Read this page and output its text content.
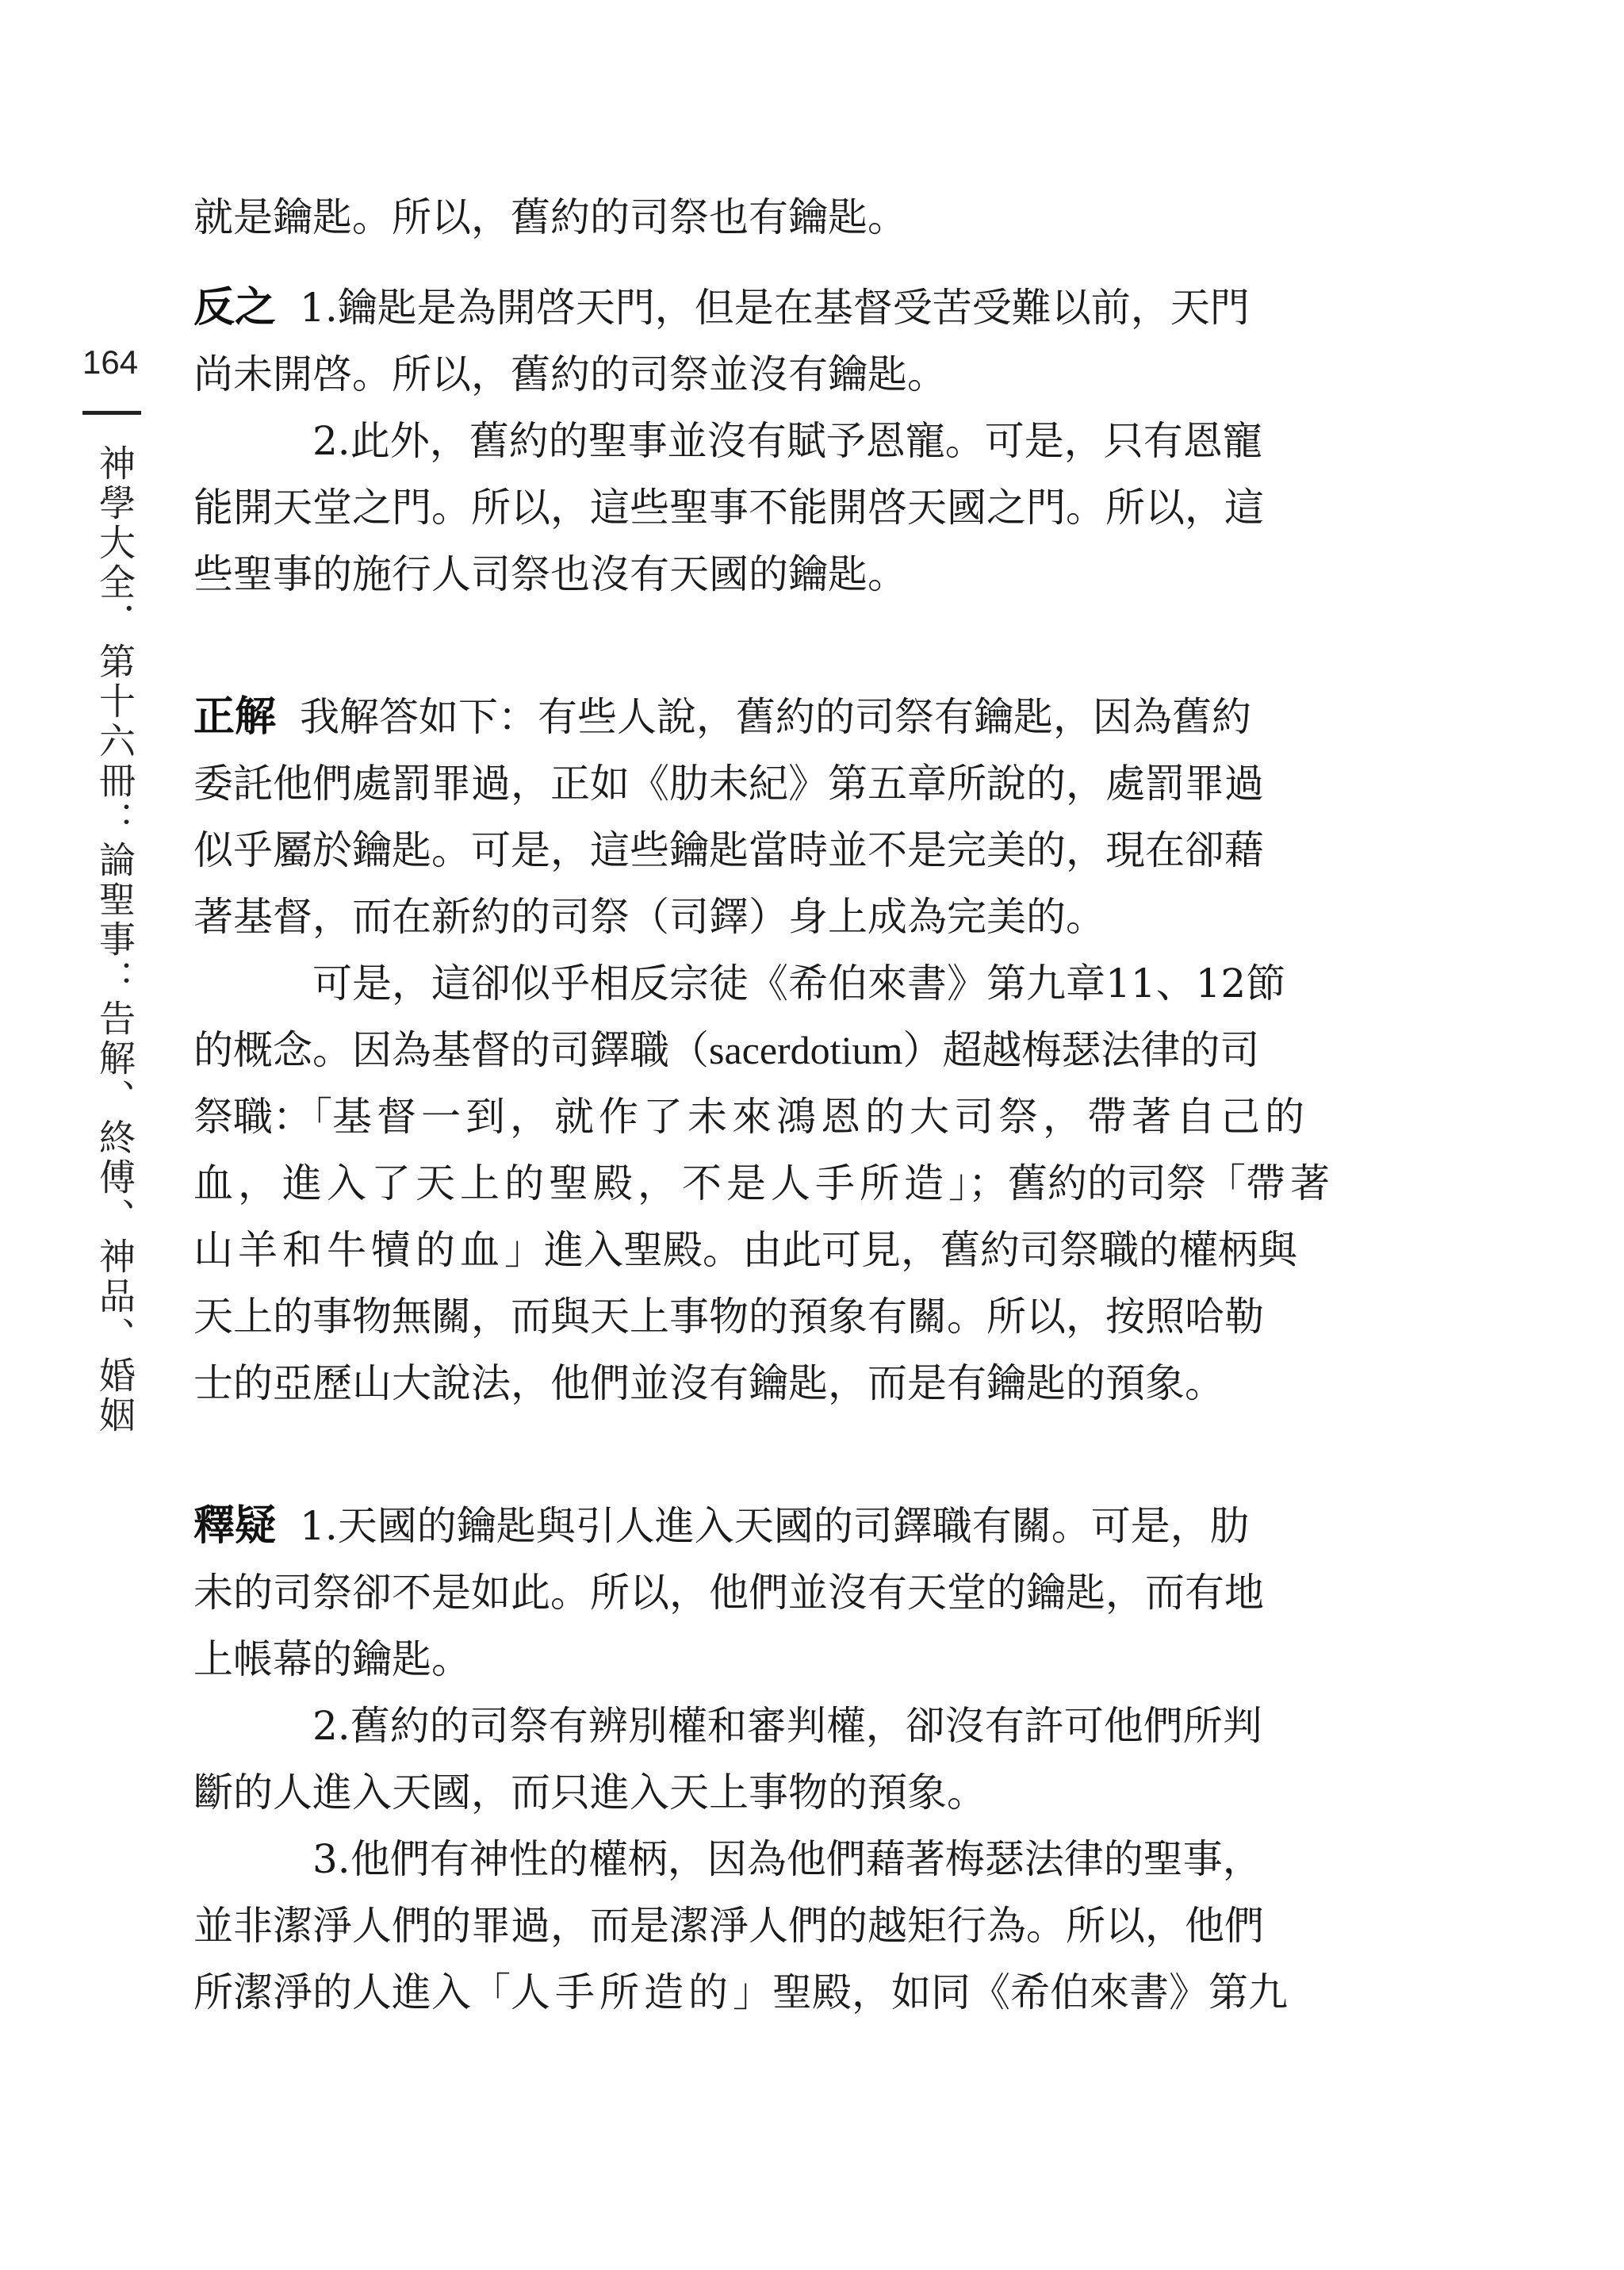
164
神學大全．第十六冊：論聖事：告解、終傅、神品、婚姻

就是鑰匙。所以，舊約的司祭也有鑰匙。

反之 1.鑰匙是為開啓天門，但是在基督受苦受難以前，天門

尚未開啓。所以，舊約的司祭並沒有鑰匙。

2.此外，舊約的聖事並沒有賦予恩寵。可是，只有恩寵

能開天堂之門。所以，這些聖事不能開啓天國之門。所以，這

些聖事的施行人司祭也沒有天國的鑰匙。

正解 我解答如下：有些人說，舊約的司祭有鑰匙，因為舊約

委託他們處罰罪過，正如《肋未紀》第五章所說的，處罰罪過

似乎屬於鑰匙。可是，這些鑰匙當時並不是完美的，現在卻藉

著基督，而在新約的司祭（司鐸）身上成為完美的。

可是，這卻似乎相反宗徒《希伯來書》第九章11、12節

的概念。因為基督的司鐸職（sacerdotium）超越梅瑟法律的司

祭職：「基督一到，就作了未來鴻恩的大司祭，帶著自己的

血，進入了天上的聖殿，不是人手所造」；舊約的司祭「帶著

山羊和牛犢的血」進入聖殿。由此可見，舊約司祭職的權柄與

天上的事物無關，而與天上事物的預象有關。所以，按照哈勒

士的亞歷山大說法，他們並沒有鑰匙，而是有鑰匙的預象。

釋疑 1.天國的鑰匙與引人進入天國的司鐸職有關。可是，肋

未的司祭卻不是如此。所以，他們並沒有天堂的鑰匙，而有地

上帳幕的鑰匙。

2.舊約的司祭有辨別權和審判權，卻沒有許可他們所判

斷的人進入天國，而只進入天上事物的預象。

3.他們有神性的權柄，因為他們藉著梅瑟法律的聖事，

並非潔淨人們的罪過，而是潔淨人們的越矩行為。所以，他們

所潔淨的人進入「人手所造的」聖殿，如同《希伯來書》第九
